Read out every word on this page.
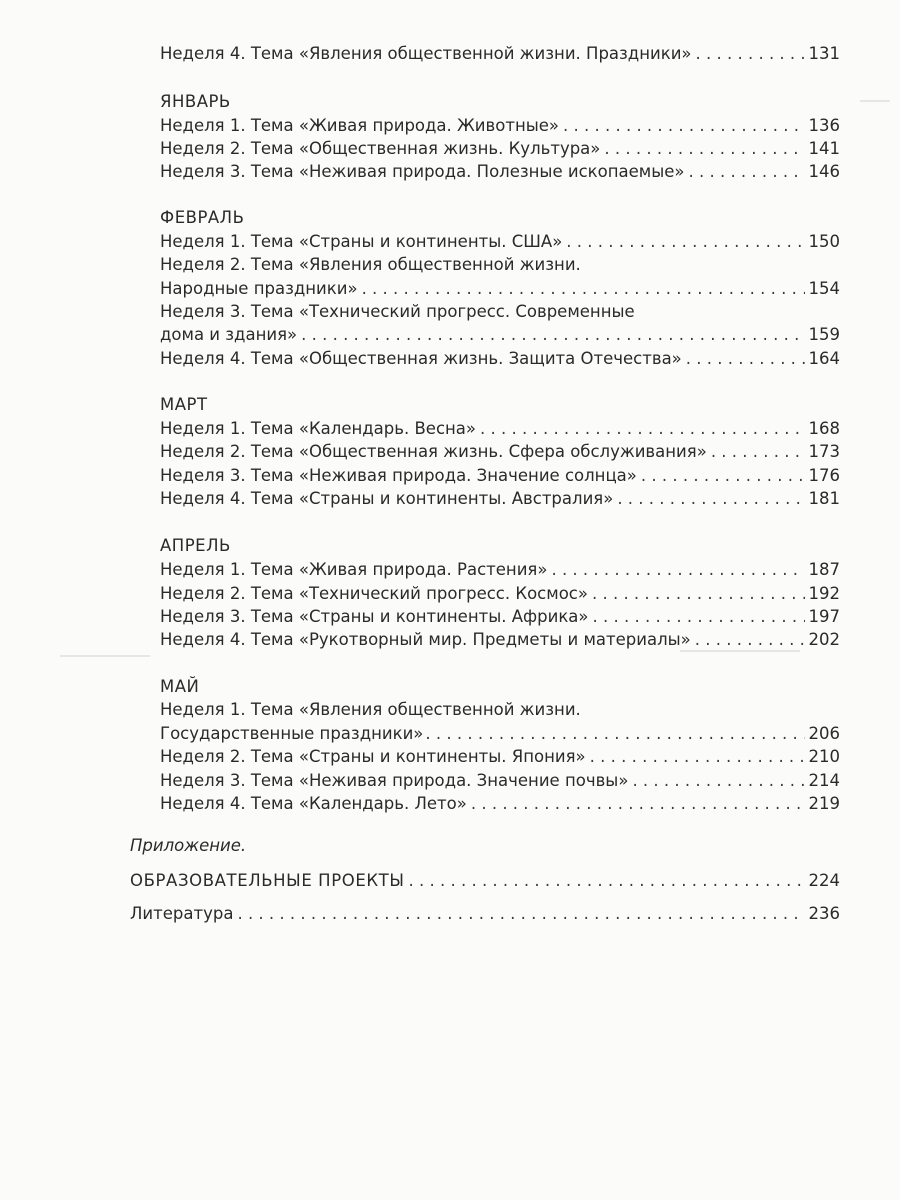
Неделя 4. Тема «Явления общественной жизни. Праздники» . . .	131
ЯНВАРЬ
Неделя 1. Тема «Живая природа. Животные» . . .	136
Неделя 2. Тема «Общественная жизнь. Культура» . . .	141
Неделя 3. Тема «Неживая природа. Полезные ископаемые» . . .	146
ФЕВРАЛЬ
Неделя 1. Тема «Страны и континенты. США» . . .	150
Неделя 2. Тема «Явления общественной жизни.
Народные праздники» . . .	154
Неделя 3. Тема «Технический прогресс. Современные
дома и здания» . . .	159
Неделя 4. Тема «Общественная жизнь. Защита Отечества» . . .	164
МАРТ
Неделя 1. Тема «Календарь. Весна» . . .	168
Неделя 2. Тема «Общественная жизнь. Сфера обслуживания» . . .	173
Неделя 3. Тема «Неживая природа. Значение солнца» . . .	176
Неделя 4. Тема «Страны и континенты. Австралия» . . .	181
АПРЕЛЬ
Неделя 1. Тема «Живая природа. Растения» . . .	187
Неделя 2. Тема «Технический прогресс. Космос» . . .	192
Неделя 3. Тема «Страны и континенты. Африка» . . .	197
Неделя 4. Тема «Рукотворный мир. Предметы и материалы» . . .	202
МАЙ
Неделя 1. Тема «Явления общественной жизни.
Государственные праздники» . . .	206
Неделя 2. Тема «Страны и континенты. Япония» . . .	210
Неделя 3. Тема «Неживая природа. Значение почвы» . . .	214
Неделя 4. Тема «Календарь. Лето» . . .	219
Приложение.
ОБРАЗОВАТЕЛЬНЫЕ ПРОЕКТЫ . . .	224
Литература . . .	236
